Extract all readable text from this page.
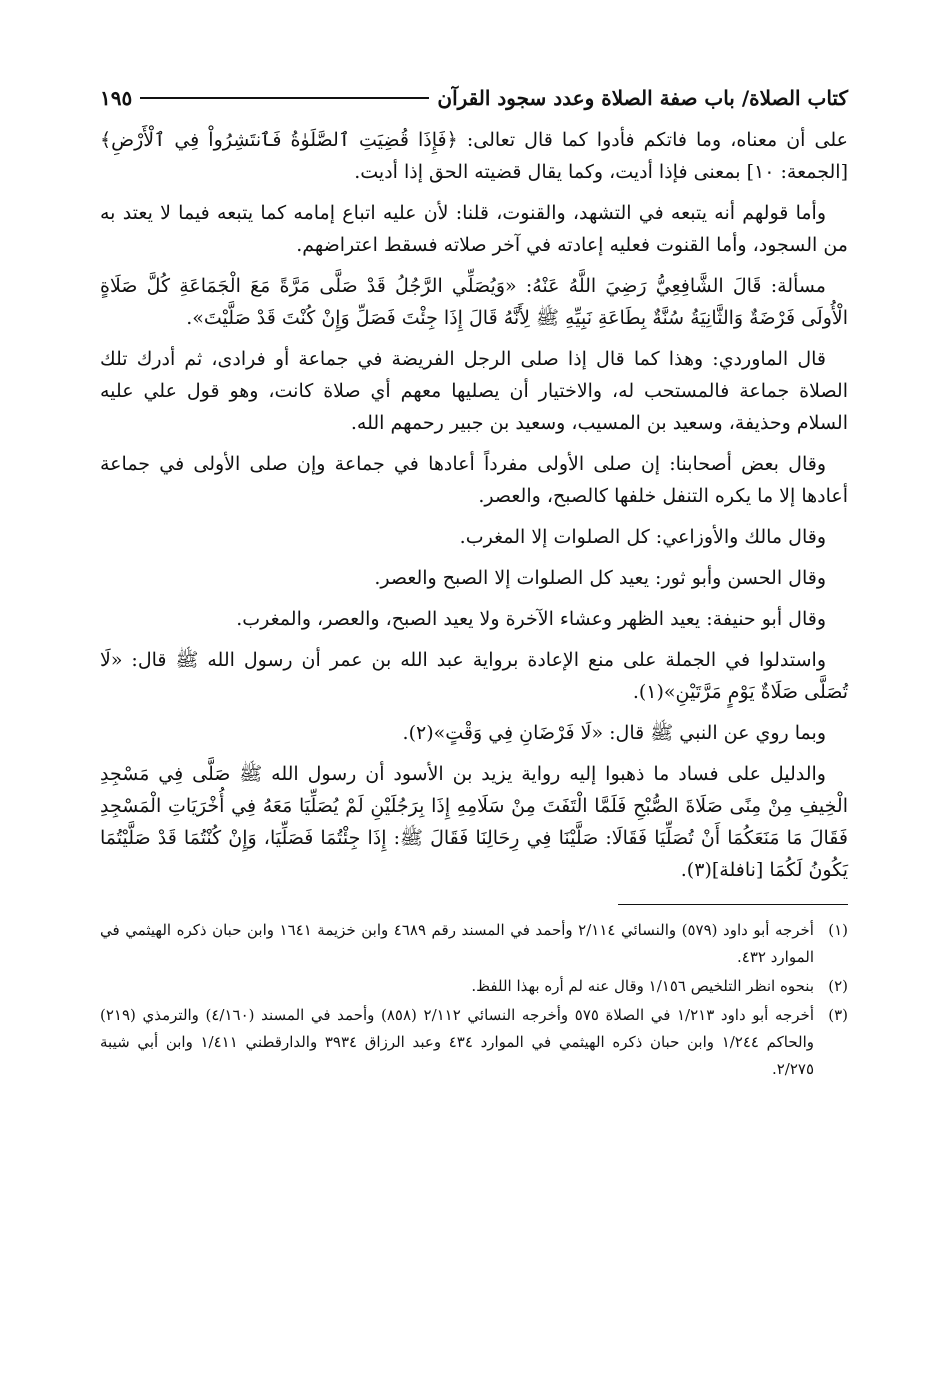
كتاب الصلاة/ باب صفة الصلاة وعدد سجود القرآن
١٩٥

على أن معناه، وما فاتكم فأدوا كما قال تعالى: ﴿فَإِذَا قُضِيَتِ ٱلصَّلَوٰةُ فَٱنتَشِرُواْ فِي ٱلْأَرْضِ﴾ [الجمعة: ١٠] بمعنى فإذا أديت، وكما يقال قضيته الحق إذا أديت.

وأما قولهم أنه يتبعه في التشهد، والقنوت، قلنا: لأن عليه اتباع إمامه كما يتبعه فيما لا يعتد به من السجود، وأما القنوت فعليه إعادته في آخر صلاته فسقط اعتراضهم.

مسألة: قَالَ الشَّافِعِيُّ رَضِيَ اللَّهُ عَنْهُ: «وَيُصَلِّي الرَّجُلُ قَدْ صَلَّى مَرَّةً مَعَ الْجَمَاعَةِ كُلَّ صَلَاةٍ الْأُولَى فَرْضَةٌ وَالثَّانِيَةُ سُنَّةٌ بِطَاعَةِ نَبِيِّهِ ﷺ لِأَنَّهُ قَالَ إِذَا جِئْتَ فَصَلِّ وَإِنْ كُنْتَ قَدْ صَلَّيْتَ».

قال الماوردي: وهذا كما قال إذا صلى الرجل الفريضة في جماعة أو فرادى، ثم أدرك تلك الصلاة جماعة فالمستحب له، والاختيار أن يصليها معهم أي صلاة كانت، وهو قول علي عليه السلام وحذيفة، وسعيد بن المسيب، وسعيد بن جبير رحمهم الله.

وقال بعض أصحابنا: إن صلى الأولى مفرداً أعادها في جماعة وإن صلى الأولى في جماعة أعادها إلا ما يكره التنفل خلفها كالصبح، والعصر.

وقال مالك والأوزاعي: كل الصلوات إلا المغرب.

وقال الحسن وأبو ثور: يعيد كل الصلوات إلا الصبح والعصر.

وقال أبو حنيفة: يعيد الظهر وعشاء الآخرة ولا يعيد الصبح، والعصر، والمغرب.

واستدلوا في الجملة على منع الإعادة برواية عبد الله بن عمر أن رسول الله ﷺ قال: «لَا تُصَلَّى صَلَاةٌ يَوْمٍ مَرَّتَيْنِ»(١).

وبما روي عن النبي ﷺ قال: «لَا فَرْضَانِ فِي وَقْتٍ»(٢).

والدليل على فساد ما ذهبوا إليه رواية يزيد بن الأسود أن رسول الله ﷺ صَلَّى فِي مَسْجِدِ الْخِيفِ مِنْ مِنًى صَلَاةَ الصُّبْحِ فَلَمَّا الْتَفَتَ مِنْ سَلَامِهِ إِذَا بِرَجُلَيْنِ لَمْ يُصَلِّيَا مَعَهُ فِي أُخْرَيَاتِ الْمَسْجِدِ فَقَالَ مَا مَنَعَكُمَا أَنْ تُصَلِّيَا فَقَالَا: صَلَّيْنَا فِي رِحَالِنَا فَقَالَ ﷺ: إِذَا جِئْتُمَا فَصَلِّيَا، وَإِنْ كُنْتُمَا قَدْ صَلَّيْتُمَا يَكُونُ لَكُمَا [نافلة](٣).

(١)
أخرجه أبو داود (٥٧٩) والنسائي ٢/١١٤ وأحمد في المسند رقم ٤٦٨٩ وابن خزيمة ١٦٤١ وابن حبان ذكره الهيثمي في الموارد ٤٣٢.
(٢)
بنحوه انظر التلخيص ١/١٥٦ وقال عنه لم أره بهذا اللفظ.
(٣)
أخرجه أبو داود ١/٢١٣ في الصلاة ٥٧٥ وأخرجه النسائي ٢/١١٢ (٨٥٨) وأحمد في المسند (٤/١٦٠) والترمذي (٢١٩) والحاكم ١/٢٤٤ وابن حبان ذكره الهيثمي في الموارد ٤٣٤ وعبد الرزاق ٣٩٣٤ والدارقطني ١/٤١١ وابن أبي شيبة ٢/٢٧٥.
